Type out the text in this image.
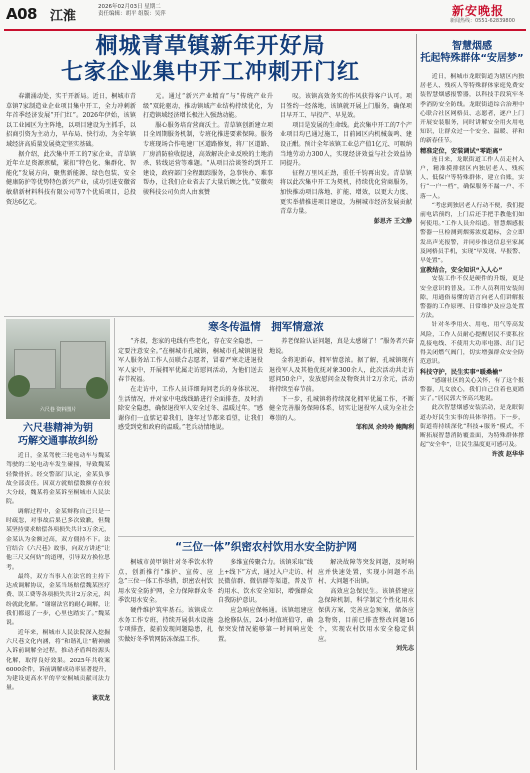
A08 江淮
2026年02月03日 星期二
责任编辑：胡平 组版：吴萍	新安晚报
新闻热线：0551-62839800
桐城青草镇新年开好局
七家企业集中开工冲刺开门红

春潮涌动处，实干开新局。近日，桐城市青草镇7家制造业企业项目集中开工，全力冲刺新年首季经济发展“开门红”。2026年伊始，该镇以工业园区为主阵地，以项目建设为主抓手，以招商引资为主动力，早布局、快行动，为全年镇域经济高质量发展奠定坚实基础。

据介绍，此次集中开工的7家企业，青草镇近年立足资源禀赋，紧扣“特色化、集群化、智能化”发展方向，聚焦新能源、绿色包装、安全健康防护等优势特色新兴产业，成功引进安徽省敏鼎新材料科技有限公司等7个优质项目，总投资达6亿元。

元。通过“新兴产业精育”与“传统产业升级”双轮驱动，推动镇域产业结构持续优化，为打造镇域经济增长极注入强劲动能。

服心服务培育营商沃土。青草镇创新建立项目全周期服务机制，专班化推进要素保障。服务专班现场合作电建厂区道路修复，将厂区道路、厂房消防验收提速，高效解决企业反映的土地消杀、转线运营等难题。“从项目洽谈签约到开工建设，政府部门全程跟踪服务，急事快办、难事帮办，让我们企业省去了大量后顾之忧。”安徽奕骏科技公司负责人由衷赞

叹。该镇高效务实的作风获得客户认可。项目签约一经落地，该镇就开展上门服务，确保项目早开工、早投产、早见效。

项目是发展的生命线。此次集中开工的7个产业项目均已通过施工，目前园区内机械轰鸣、建设正酣。预计全年该镇工业总产值1亿元、可吸纳当地劳动力300人，实现经济效益与社会效益协同提升。

征程万里风正劲，重任千钧再出发。青草镇将以此次集中开工为契机，持续优化营商服务，加快推动项目落地、扩能、增效，以更大力度、更实举措推进项目建设，为桐城市经济发展贡献青草力量。

彭思齐 王文静
六尺巷 资料图片
六尺巷精神为钥
巧解交通事故纠纷

近日，金某驾驶三轮电动车与魏某驾驶的二轮电动车发生碰撞，导致魏某轻微骨折。经交警部门认定，金某负事故全部责任。因双方就赔偿数额存在较大分歧，魏某将金某诉至桐城市人民法院。

调解过程中，金某辩称自己只是一时疏忽，对事故后果已多次致歉，但魏某坚持要求赔偿各项损失共计3万余元，金某认为金额过高，双方僵持不下。法官结合《六尺巷》故事，向双方讲述“让他三尺又何妨”的道理，引导双方换位思考。

最终，双方当事人在法官的主持下达成调解协议，金某当场赔偿魏某医疗费、误工费等各项损失共计2万余元，纠纷就此化解。“谢谢法官的耐心调解，让我们都退了一步，心里也踏实了。”魏某说。

近年来，桐城市人民法院深入挖掘六尺巷文化内涵，将“和谐礼让”精神融入诉前调解全过程，推动矛盾纠纷源头化解，取得良好效果。2025年共收案6000余件，诉前调解成功率显著提升，为建设更高水平的平安桐城贡献司法力量。

谈双龙
寒冬传温情　拥军情意浓

“齐叔，您家的电线有些老化，存在安全隐患，一定要注意安全。”在桐城市孔城镇，桐城市孔城镇退役军人服务站工作人员联合志愿者，冒着严寒走进退役军人家中，开展拥军优属走访慰问活动，为他们送去春节祝福。

在走访中，工作人员详细询问老兵的身体状况、生活情况，并对家中电线线路进行全面排查，及时消除安全隐患，确保退役军人安全过冬、温暖过年。“感谢你们一直惦记着我们，逢年过节都来看望，让我们感受到党和政府的温暖。”老兵动情地说。

养老保险认证问题，真是太感谢了！”服务者兴奋地说。

金将迎新春，拥军情意浓。据了解，孔城镇现有退役军人及其他优抚对象300余人，此次活动共走访慰问50余户，发放慰问金及物资共计2万余元，活动将持续至春节前。

下一步，孔城镇将持续深化拥军优属工作，不断健全完善服务保障体系，切实让退役军人成为全社会尊崇的人。

邹和凤 余玲玲 鲍陶利
“三位一体”织密农村饮用水安全防护网

桐城市黄甲镇针对冬季饮水特点，创新推行“维护、宣传、应急”三位一体工作举措，织密农村饮用水安全防护网，全力保障群众冬季饮用水安全。

硬件维护筑牢基石。该镇成立水务工作专班，持续开展供水设施专项排查，提前发现问题隐患，扎实做好冬季管网防冻保温工作。

多维宣传聚合力。该镇采取“线上+线下”方式，通过入户走访、村民微信群、微信群等渠道，普及节约用水、饮水安全知识，增强群众自我防护意识。

应急响应保畅通。该镇组建应急抢修队伍，24小时值班值守，确保突发情况能够第一时间响应处置。

解决故障等突发问题，及时响应并快速处置，实现小问题不出村、大问题不出镇。

高效应急保民生。该镇搭建应急保障机制，科学制定个性化用水保供方案，完善应急预案，储备应急物资，目前已排查整改问题16个，实现农村饮用水安全稳定供应。

刘先志
智慧烟感
托起特殊群体“安居梦”

近日，桐城市龙眠街道为辖区内独居老人、残疾人等特殊群体家庭免费安装智慧烟感报警器，以科技手段筑牢冬季消防安全防线。龙眠街道综合治理中心联合社区网格员、志愿者，逐户上门开展安装服务，同时讲解安全用火用电知识，让群众过一个安全、温暖、祥和的新春佳节。

精准定位，安装调试“零距离”

连日来，龙眠街道工作人员走村入户，精准摸排辖区内独居老人、残疾人、低保户等特殊群体，建立台账，实行“一户一档”，确保服务不漏一户、不落一人。

“考虑到独居老人行动不便，我们提前电话预约，上门后还手把手教他们如何使用。”工作人员介绍道。智慧烟感报警器一旦检测到烟雾浓度超标，会立即发出声光报警，并同步推送信息至家属及网格员手机，实现“早发现、早报警、早处置”。

宣教结合，安全知识“入人心”

安装工作不仅是硬件的升级，更是安全意识的普及。工作人员利用安装间隙，用通俗易懂的语言向老人们讲解报警器的工作原理、日常维护及应急处置方法。

针对冬季用火、用电、用气等高发风险，工作人员耐心提醒居民不要私拉乱接电线、不使用大功率电器、出门记得关闭燃气阀门，切实增强群众安全防范意识。

科技守护，民生实事“暖桑榆”

“感谢社区的关心关怀，有了这个报警器，儿女放心，我们自己住着也更踏实了。”居民郭大爷高兴地说。

此次智慧烟感安装活动，是龙眠街道办好民生实事的具体举措。下一步，街道将持续深化“科技+服务”模式，不断拓展智慧消防覆盖面，为特殊群体撑起“安全伞”，让民生温度更可感可及。

许波 赵华华
